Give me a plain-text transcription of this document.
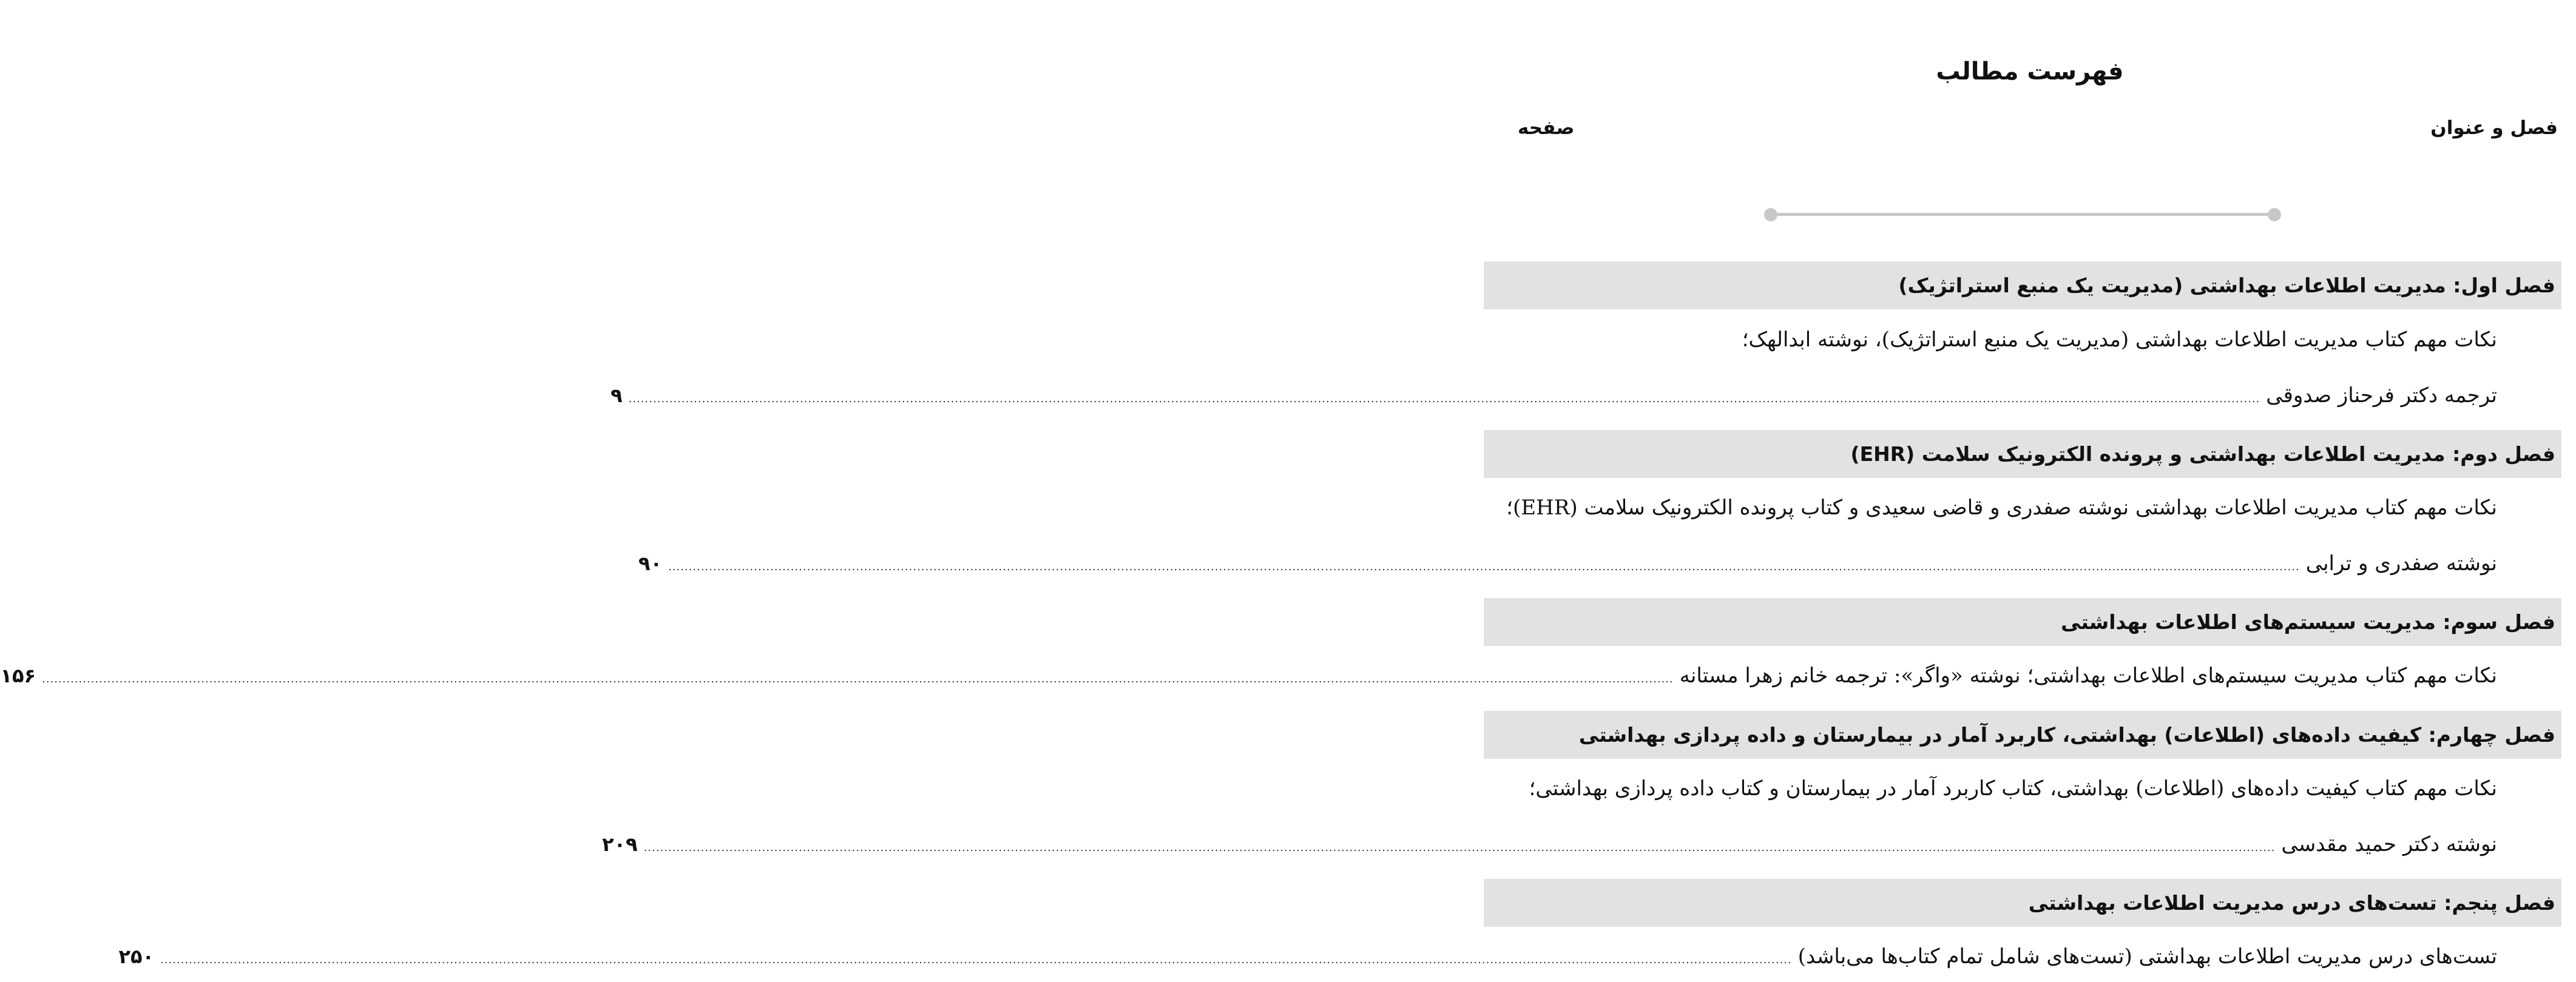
فهرست مطالب
فصل و عنوان
صفحه
فصل اول: مدیریت اطلاعات بهداشتی (مدیریت یک منبع استراتژیک)
نکات مهم کتاب مدیریت اطلاعات بهداشتی (مدیریت یک منبع استراتژیک)، نوشته ابدالهک؛
ترجمه دکتر فرحناز صدوقی
................................................................................................................................................................................................................................................................................................................................................................................................................
۹
فصل دوم: مدیریت اطلاعات بهداشتی و پرونده الکترونیک سلامت (EHR)
نکات مهم کتاب مدیریت اطلاعات بهداشتی نوشته صفدری و قاضی سعیدی و کتاب پرونده الکترونیک سلامت (EHR)؛
نوشته صفدری و ترابی
................................................................................................................................................................................................................................................................................................................................................................................................................
۹۰
فصل سوم: مدیریت سیستم‌های اطلاعات بهداشتی
نکات مهم کتاب مدیریت سیستم‌های اطلاعات بهداشتی؛ نوشته «واگر»: ترجمه خانم زهرا مستانه
................................................................................................................................................................................................................................................................................................................................................................................................................
۱۵۶
فصل چهارم: کیفیت داده‌های (اطلاعات) بهداشتی، کاربرد آمار در بیمارستان و داده پردازی بهداشتی
نکات مهم کتاب کیفیت داده‌های (اطلاعات) بهداشتی، کتاب کاربرد آمار در بیمارستان و کتاب داده پردازی بهداشتی؛
نوشته دکتر حمید مقدسی
................................................................................................................................................................................................................................................................................................................................................................................................................
۲۰۹
فصل پنجم: تست‌های درس مدیریت اطلاعات بهداشتی
تست‌های درس مدیریت اطلاعات بهداشتی (تست‌های شامل تمام کتاب‌ها می‌باشد)
................................................................................................................................................................................................................................................................................................................................................................................................................
۲۵۰
